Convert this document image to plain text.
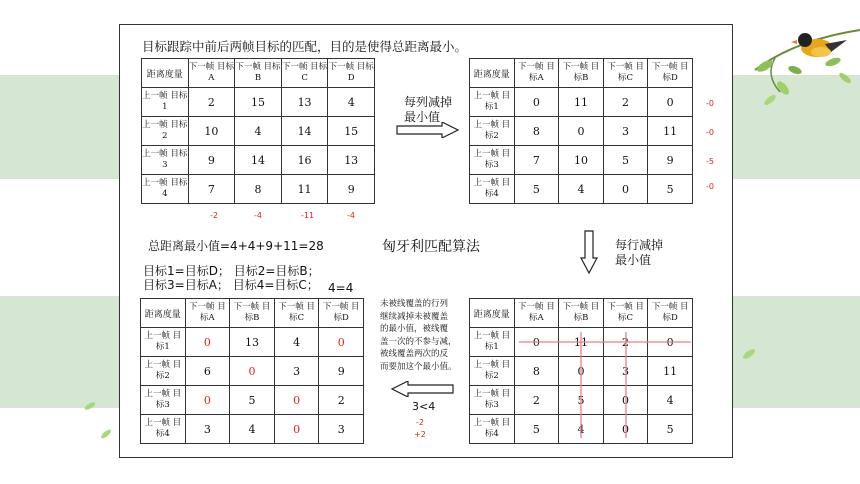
目标跟踪中前后两帧目标的匹配，目的是使得总距离最小。
距离度量	下一帧 目标A	下一帧 目标B	下一帧 目标C	下一帧 目标D
上一帧 目标1	2	15	13	4
上一帧 目标2	10	4	14	15
上一帧 目标3	9	14	16	13
上一帧 目标4	7	8	11	9
-2	-4	-11	-4
每列减掉
最小值
距离度量	下一帧 目标A	下一帧 目标B	下一帧 目标C	下一帧 目标D
上一帧 目标1	0	11	2	0
上一帧 目标2	8	0	3	11
上一帧 目标3	7	10	5	9
上一帧 目标4	5	4	0	5
-0
-0
-5
-0
每行减掉
最小值
总距离最小值=4+4+9+11=28	匈牙利匹配算法
目标1=目标D； 目标2=目标B；
目标3=目标A； 目标4=目标C； 4=4
距离度量	下一帧 目标A	下一帧 目标B	下一帧 目标C	下一帧 目标D
上一帧 目标1	0	13	4	0
上一帧 目标2	6	0	3	9
上一帧 目标3	0	5	0	2
上一帧 目标4	3	4	0	3
未被线覆盖的行列
继续减掉未被覆盖
的最小值，被线覆
盖一次的不参与减，
被线覆盖两次的反
而要加这个最小值。
3<4
-2
+2
距离度量	下一帧 目标A	下一帧 目标B	下一帧 目标C	下一帧 目标D
上一帧 目标1	0	11	2	0
上一帧 目标2	8	0	3	11
上一帧 目标3	2	5	0	4
上一帧 目标4	5	4	0	5
